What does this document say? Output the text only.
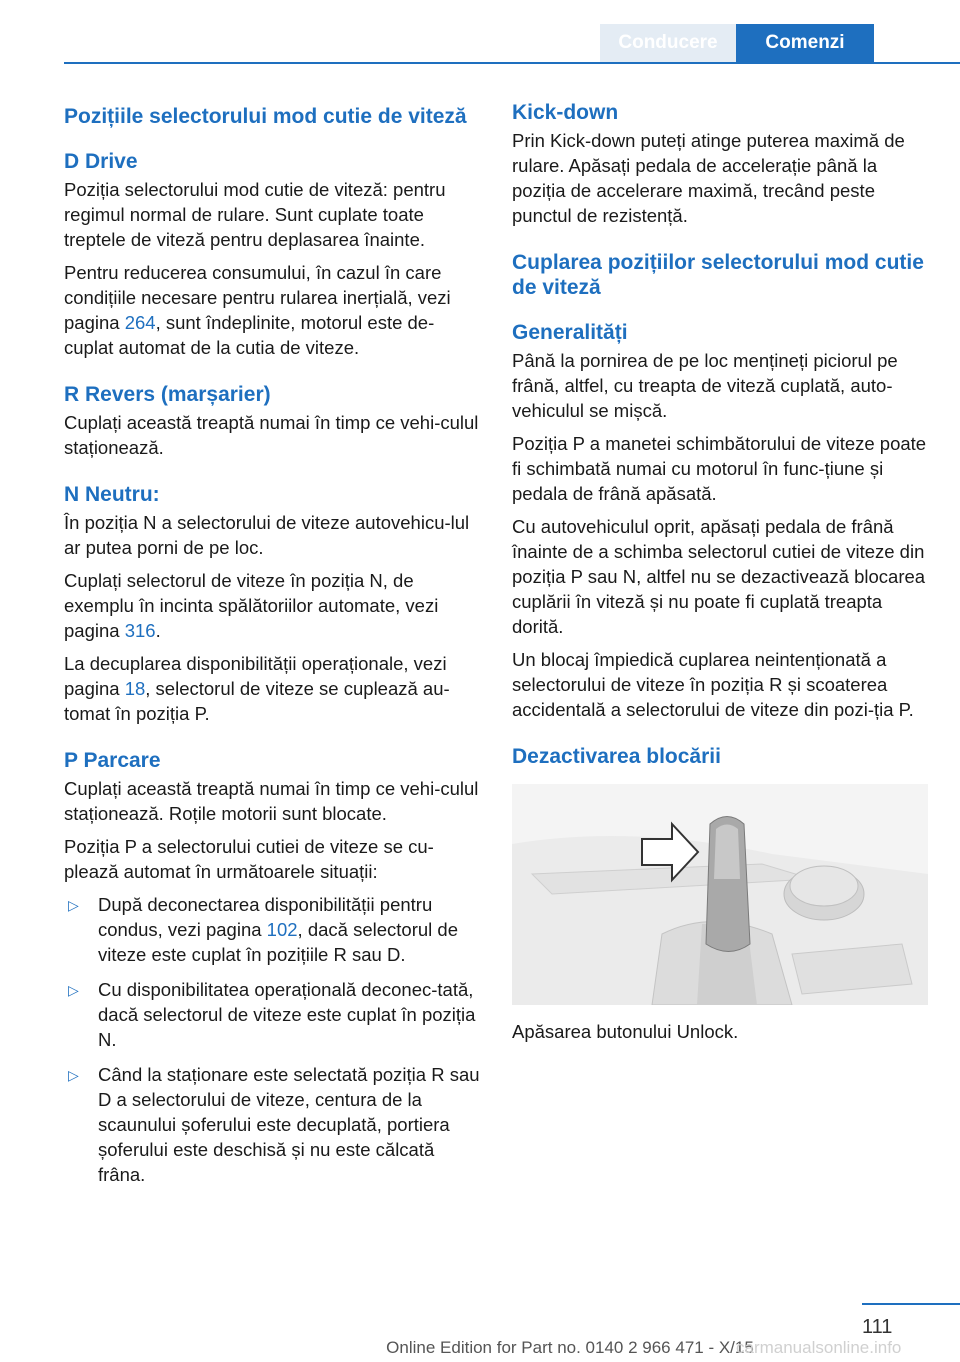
Conducere	Comenzi
Pozițiile selectorului mod cutie de viteză
D Drive

Poziția selectorului mod cutie de viteză: pentru regimul normal de rulare. Sunt cuplate toate treptele de viteză pentru deplasarea înainte.

Pentru reducerea consumului, în cazul în care condițiile necesare pentru rularea inerțială, vezi pagina 264, sunt îndeplinite, motorul este de-cuplat automat de la cutia de viteze.

R Revers (marșarier)

Cuplați această treaptă numai în timp ce vehi-culul staționează.

N Neutru:

În poziția N a selectorului de viteze autovehicu-lul ar putea porni de pe loc.

Cuplați selectorul de viteze în poziția N, de exemplu în incinta spălătoriilor automate, vezi pagina 316.

La decuplarea disponibilității operaționale, vezi pagina 18, selectorul de viteze se cuplează au-tomat în poziția P.

P Parcare

Cuplați această treaptă numai în timp ce vehi-culul staționează. Roțile motorii sunt blocate.

Poziția P a selectorului cutiei de viteze se cu-plează automat în următoarele situații:

▷ După deconectarea disponibilității pentru condus, vezi pagina 102, dacă selectorul de viteze este cuplat în pozițiile R sau D.
▷ Cu disponibilitatea operațională deconec-tată, dacă selectorul de viteze este cuplat în poziția N.
▷ Când la staționare este selectată poziția R sau D a selectorului de viteze, centura de la scaunului șoferului este decuplată, portiera șoferului este deschisă și nu este călcată frâna.
Kick-down

Prin Kick-down puteți atinge puterea maximă de rulare. Apăsați pedala de accelerație până la poziția de accelerare maximă, trecând peste punctul de rezistență.

Cuplarea pozițiilor selectorului mod cutie de viteză
Generalități

Până la pornirea de pe loc mențineți piciorul pe frână, altfel, cu treapta de viteză cuplată, auto-vehiculul se mișcă.

Poziția P a manetei schimbătorului de viteze poate fi schimbată numai cu motorul în func-țiune și pedala de frână apăsată.

Cu autovehiculul oprit, apăsați pedala de frână înainte de a schimba selectorul cutiei de viteze din poziția P sau N, altfel nu se dezactivează blocarea cuplării în viteză și nu poate fi cuplată treapta dorită.

Un blocaj împiedică cuplarea neintenționată a selectorului de viteze în poziția R și scoaterea accidentală a selectorului de viteze din pozi-ția P.

Dezactivarea blocării

Apăsarea butonului Unlock.

111
Online Edition for Part no. 0140 2 966 471 - X/15
carmanualsonline.info
